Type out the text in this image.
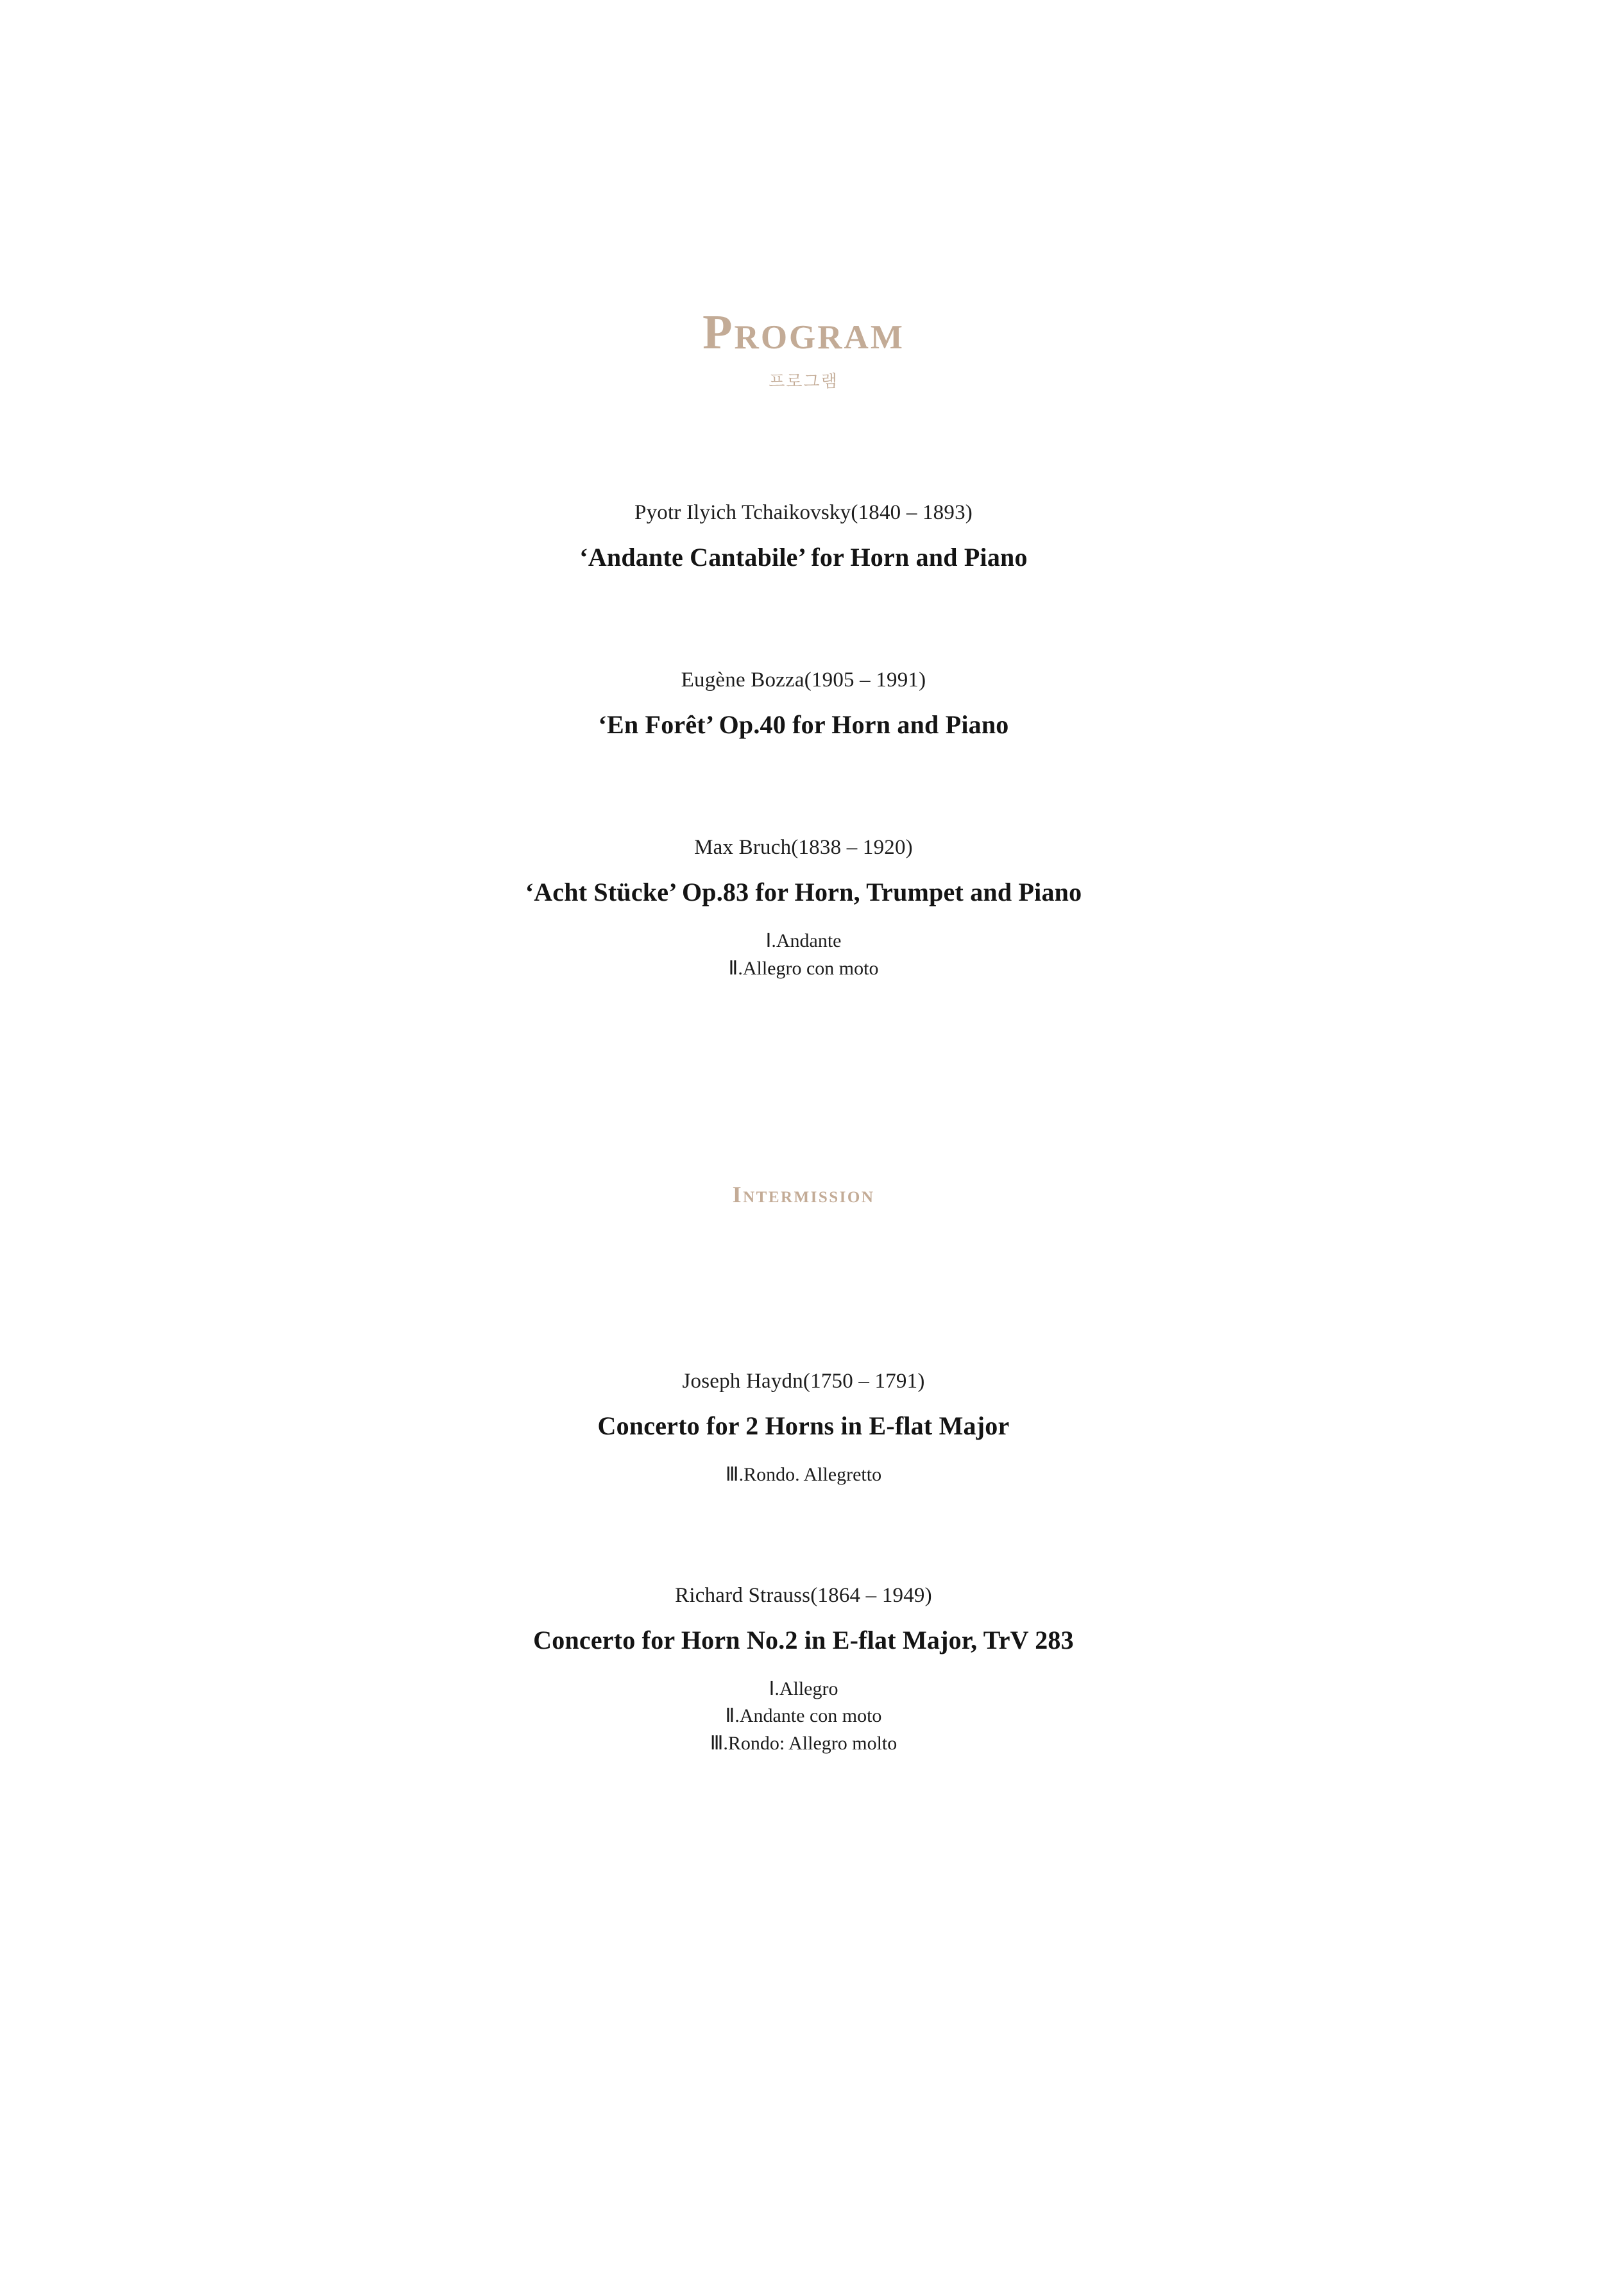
Program
프로그램
Pyotr Ilyich Tchaikovsky(1840 – 1893)
‘Andante Cantabile’ for Horn and Piano
Eugène Bozza(1905 – 1991)
‘En Forêt’ Op.40 for Horn and Piano
Max Bruch(1838 – 1920)
‘Acht Stücke’ Op.83 for Horn, Trumpet and Piano
Ⅰ.Andante
Ⅱ.Allegro con moto
Intermission
Joseph Haydn(1750 – 1791)
Concerto for 2 Horns in E-flat Major
Ⅲ.Rondo. Allegretto
Richard Strauss(1864 – 1949)
Concerto for Horn No.2 in E-flat Major, TrV 283
Ⅰ.Allegro
Ⅱ.Andante con moto
Ⅲ.Rondo: Allegro molto
